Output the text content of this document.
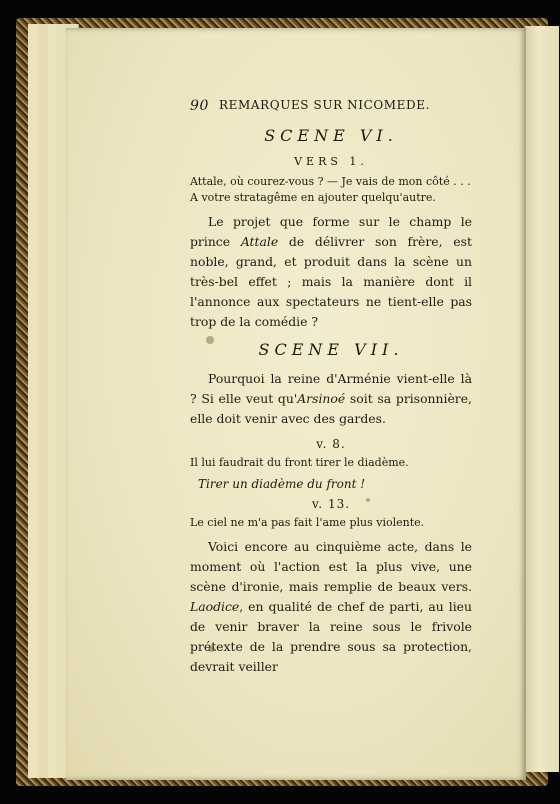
90 REMARQUES SUR NICOMEDE.
SCENE VI.
VERS 1.

Attale, où courez-vous ? — Je vais de mon côté . . .

A votre stratagême en ajouter quelqu'autre.

Le projet que forme sur le champ le prince Attale de délivrer son frère, est noble, grand, et produit dans la scène un très-bel effet ; mais la manière dont il l'annonce aux spectateurs ne tient-elle pas trop de la comédie ?

SCENE VII.

Pourquoi la reine d'Arménie vient-elle là ? Si elle veut qu'Arsinoé soit sa prisonnière, elle doit venir avec des gardes.

v. 8.

Il lui faudrait du front tirer le diadème.

Tirer un diadème du front !

v. 13.

Le ciel ne m'a pas fait l'ame plus violente.

Voici encore au cinquième acte, dans le moment où l'action est la plus vive, une scène d'ironie, mais remplie de beaux vers. Laodice, en qualité de chef de parti, au lieu de venir braver la reine sous le frivole prétexte de la prendre sous sa protection, devrait veiller
